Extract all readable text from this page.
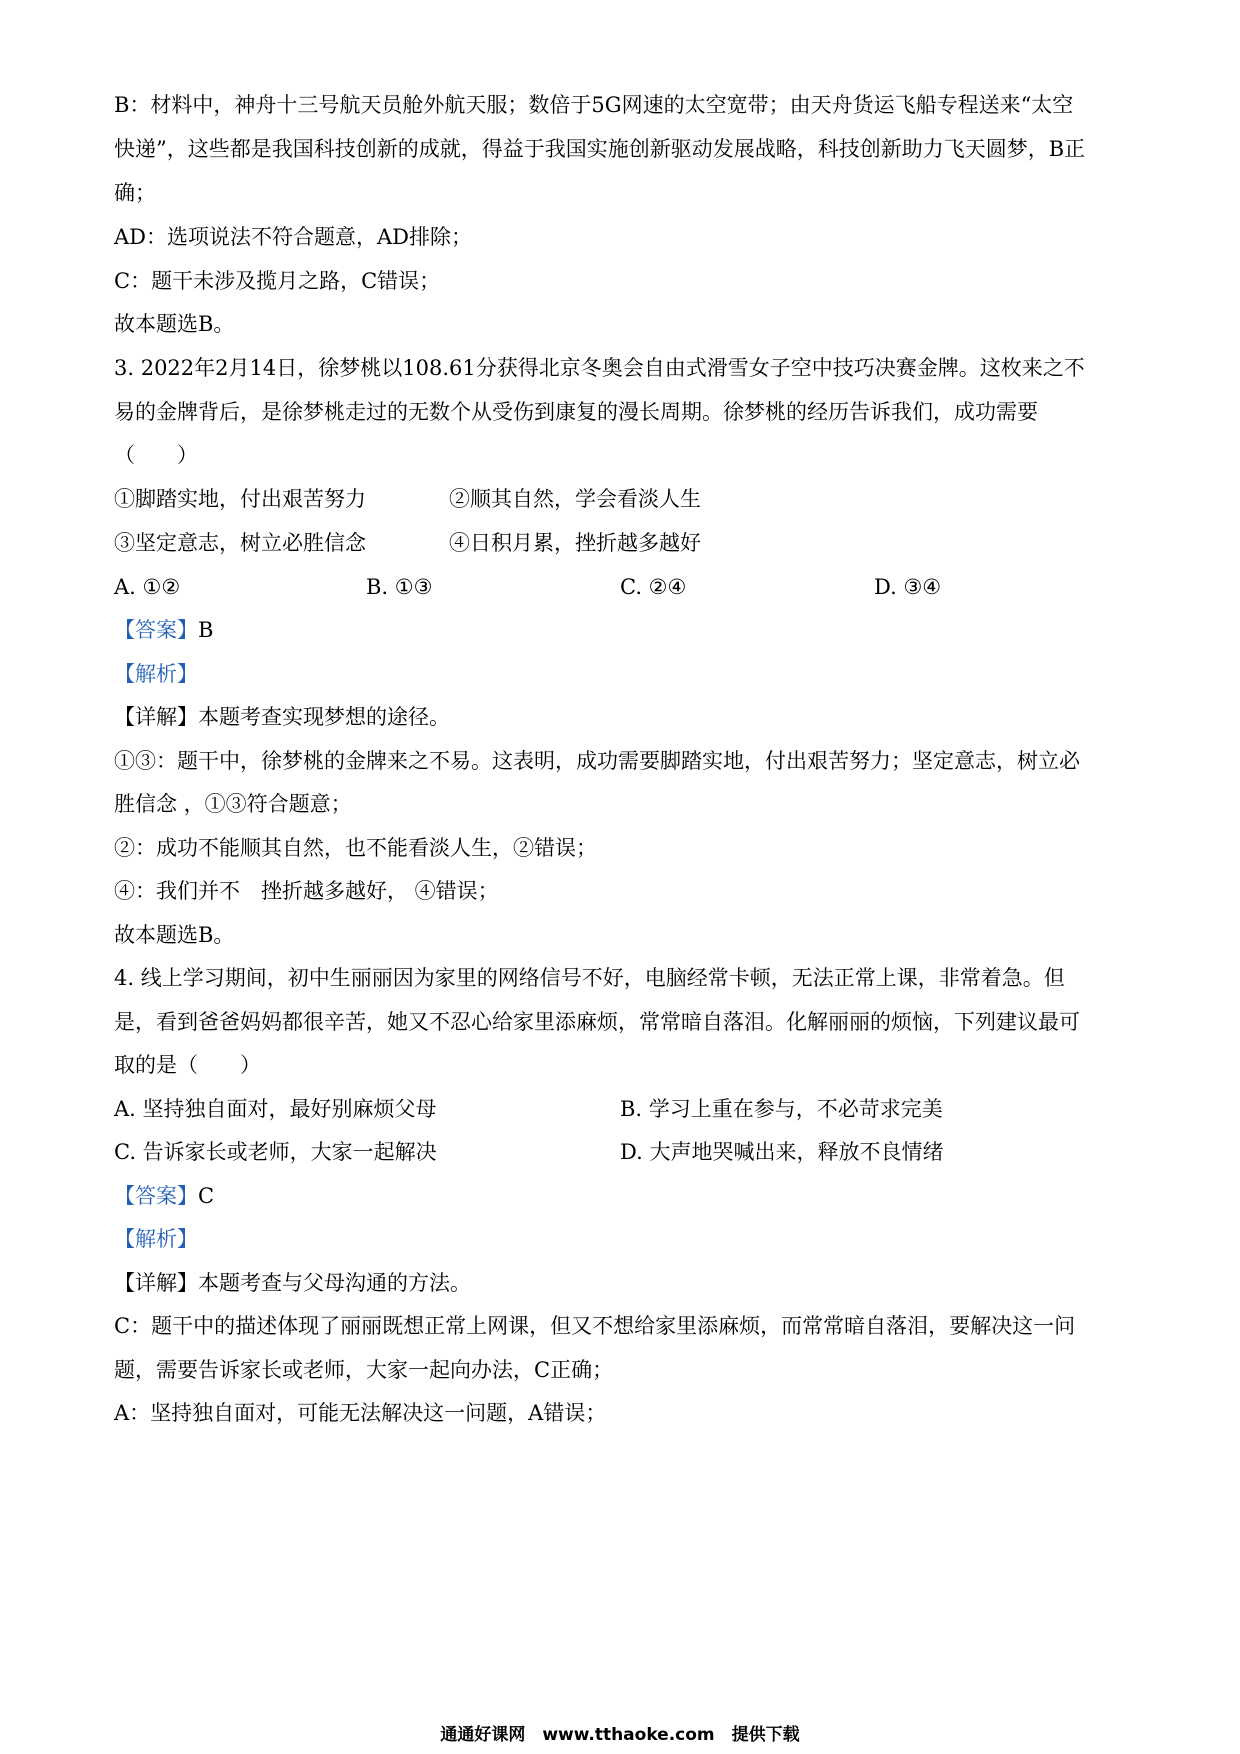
B：材料中，神舟十三号航天员舱外航天服；数倍于5G网速的太空宽带；由天舟货运飞船专程送来“太空
快递”，这些都是我国科技创新的成就，得益于我国实施创新驱动发展战略，科技创新助力飞天圆梦，B正
确；
AD：选项说法不符合题意，AD排除；
C：题干未涉及揽月之路，C错误；
故本题选B。
3. 2022年2月14日，徐梦桃以108.61分获得北京冬奥会自由式滑雪女子空中技巧决赛金牌。这枚来之不
易的金牌背后，是徐梦桃走过的无数个从受伤到康复的漫长周期。徐梦桃的经历告诉我们，成功需要
（　　）
①脚踏实地，付出艰苦努力	②顺其自然，学会看淡人生
③坚定意志，树立必胜信念	④日积月累，挫折越多越好
A. ①②	B. ①③	C. ②④	D. ③④
【答案】B
【解析】
【详解】本题考查实现梦想的途径。
①③：题干中，徐梦桃的金牌来之不易。这表明，成功需要脚踏实地，付出艰苦努力；坚定意志，树立必
胜信念 ，①③符合题意；
②：成功不能顺其自然，也不能看淡人生，②错误；
④：我们并不　挫折越多越好， ④错误；
故本题选B。
4. 线上学习期间，初中生丽丽因为家里的网络信号不好，电脑经常卡顿，无法正常上课，非常着急。但
是，看到爸爸妈妈都很辛苦，她又不忍心给家里添麻烦，常常暗自落泪。化解丽丽的烦恼，下列建议最可
取的是（　　）
A. 坚持独自面对，最好别麻烦父母	B. 学习上重在参与，不必苛求完美
C. 告诉家长或老师，大家一起解决	D. 大声地哭喊出来，释放不良情绪
【答案】C
【解析】
【详解】本题考查与父母沟通的方法。
C：题干中的描述体现了丽丽既想正常上网课，但又不想给家里添麻烦，而常常暗自落泪，要解决这一问
题，需要告诉家长或老师，大家一起向办法，C正确；
A：坚持独自面对，可能无法解决这一问题，A错误；
通通好课网　www.tthaoke.com　提供下载
